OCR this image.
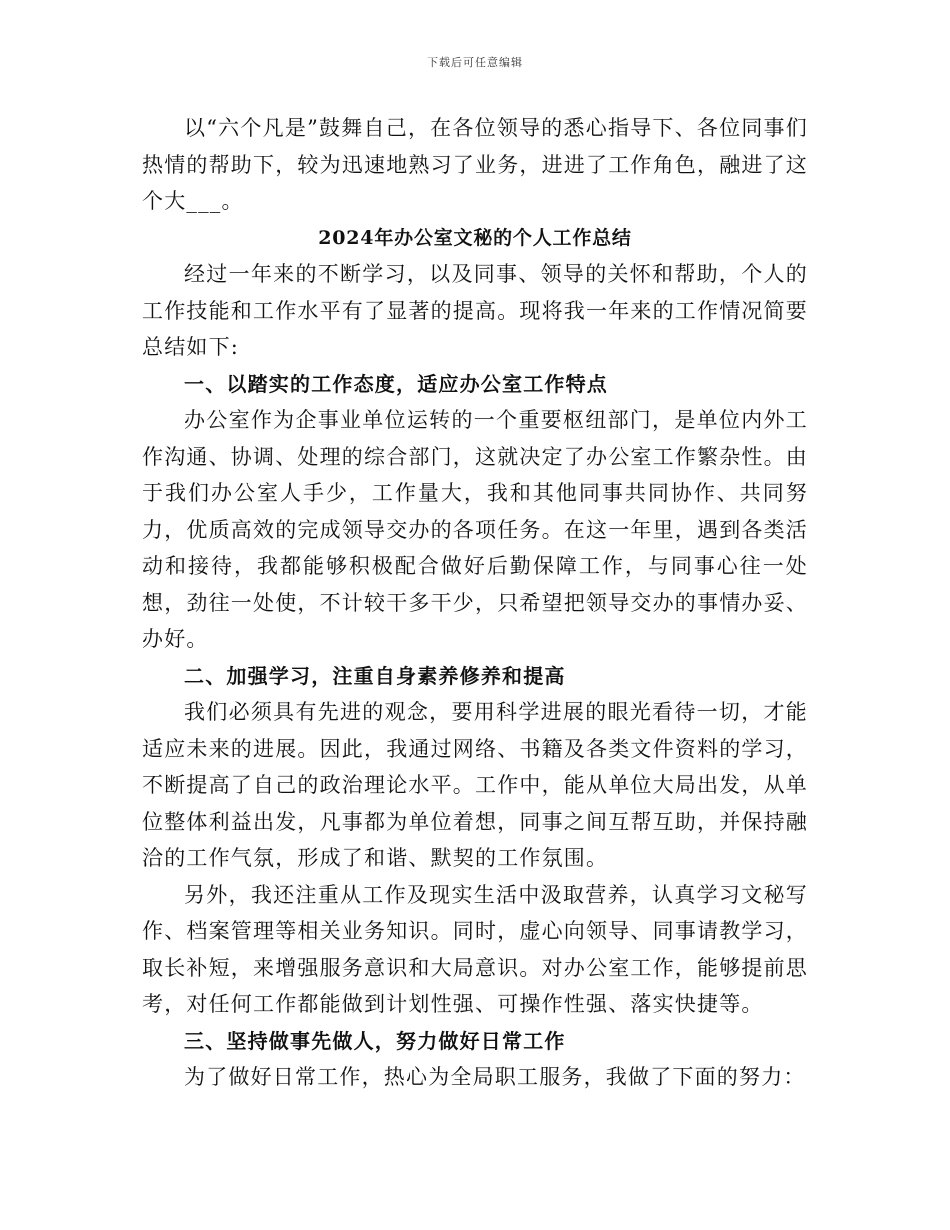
下载后可任意编辑

以“六个凡是”鼓舞自己，在各位领导的悉心指导下、各位同事们热情的帮助下，较为迅速地熟习了业务，进进了工作角色，融进了这个大___。

2024年办公室文秘的个人工作总结

经过一年来的不断学习，以及同事、领导的关怀和帮助，个人的工作技能和工作水平有了显著的提高。现将我一年来的工作情况简要总结如下:

一、以踏实的工作态度，适应办公室工作特点

办公室作为企事业单位运转的一个重要枢纽部门，是单位内外工作沟通、协调、处理的综合部门，这就决定了办公室工作繁杂性。由于我们办公室人手少，工作量大，我和其他同事共同协作、共同努力，优质高效的完成领导交办的各项任务。在这一年里，遇到各类活动和接待，我都能够积极配合做好后勤保障工作，与同事心往一处想，劲往一处使，不计较干多干少，只希望把领导交办的事情办妥、办好。

二、加强学习，注重自身素养修养和提高

我们必须具有先进的观念，要用科学进展的眼光看待一切，才能适应未来的进展。因此，我通过网络、书籍及各类文件资料的学习，不断提高了自己的政治理论水平。工作中，能从单位大局出发，从单位整体利益出发，凡事都为单位着想，同事之间互帮互助，并保持融洽的工作气氛，形成了和谐、默契的工作氛围。

另外，我还注重从工作及现实生活中汲取营养，认真学习文秘写作、档案管理等相关业务知识。同时，虚心向领导、同事请教学习，取长补短，来增强服务意识和大局意识。对办公室工作，能够提前思考，对任何工作都能做到计划性强、可操作性强、落实快捷等。

三、坚持做事先做人，努力做好日常工作

为了做好日常工作，热心为全局职工服务，我做了下面的努力：
